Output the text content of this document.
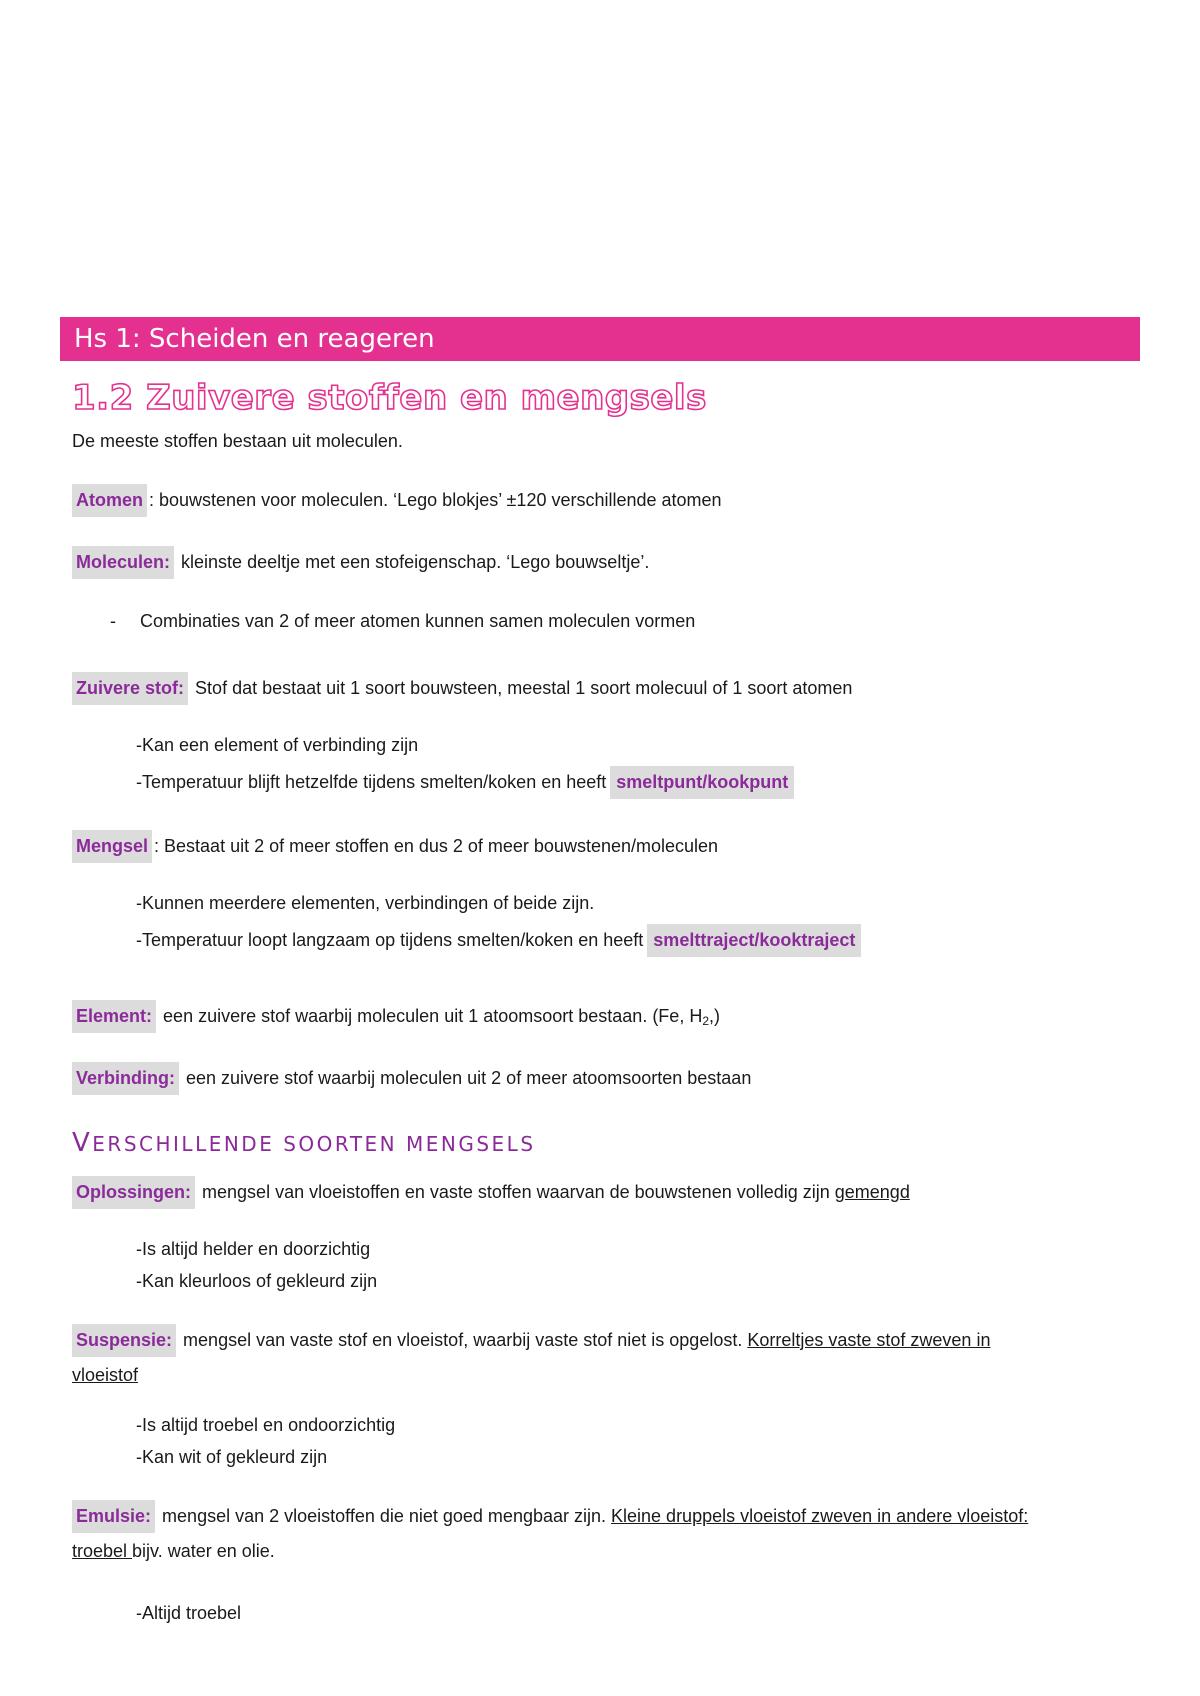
Hs 1: Scheiden en reageren
1.2 Zuivere stoffen en mengsels
De meeste stoffen bestaan uit moleculen.
Atomen : bouwstenen voor moleculen. ‘Lego blokjes’ ±120 verschillende atomen
Moleculen: kleinste deeltje met een stofeigenschap. ‘Lego bouwseltje’.
- Combinaties van 2 of meer atomen kunnen samen moleculen vormen
Zuivere stof: Stof dat bestaat uit 1 soort bouwsteen, meestal 1 soort molecuul of 1 soort atomen
-Kan een element of verbinding zijn
-Temperatuur blijft hetzelfde tijdens smelten/koken en heeft smeltpunt/kookpunt
Mengsel : Bestaat uit 2 of meer stoffen en dus 2 of meer bouwstenen/moleculen
-Kunnen meerdere elementen, verbindingen of beide zijn.
-Temperatuur loopt langzaam op tijdens smelten/koken en heeft smelttraject/kooktraject
Element: een zuivere stof waarbij moleculen uit 1 atoomsoort bestaan. (Fe, $H_2$,)
Verbinding: een zuivere stof waarbij moleculen uit 2 of meer atoomsoorten bestaan
VERSCHILLENDE SOORTEN MENGSELS
Oplossingen: mengsel van vloeistoffen en vaste stoffen waarvan de bouwstenen volledig zijn gemengd
-Is altijd helder en doorzichtig
-Kan kleurloos of gekleurd zijn
Suspensie: mengsel van vaste stof en vloeistof, waarbij vaste stof niet is opgelost. Korreltjes vaste stof zweven in
vloeistof
-Is altijd troebel en ondoorzichtig
-Kan wit of gekleurd zijn
Emulsie: mengsel van 2 vloeistoffen die niet goed mengbaar zijn. Kleine druppels vloeistof zweven in andere vloeistof:
troebel bijv. water en olie.
-Altijd troebel
